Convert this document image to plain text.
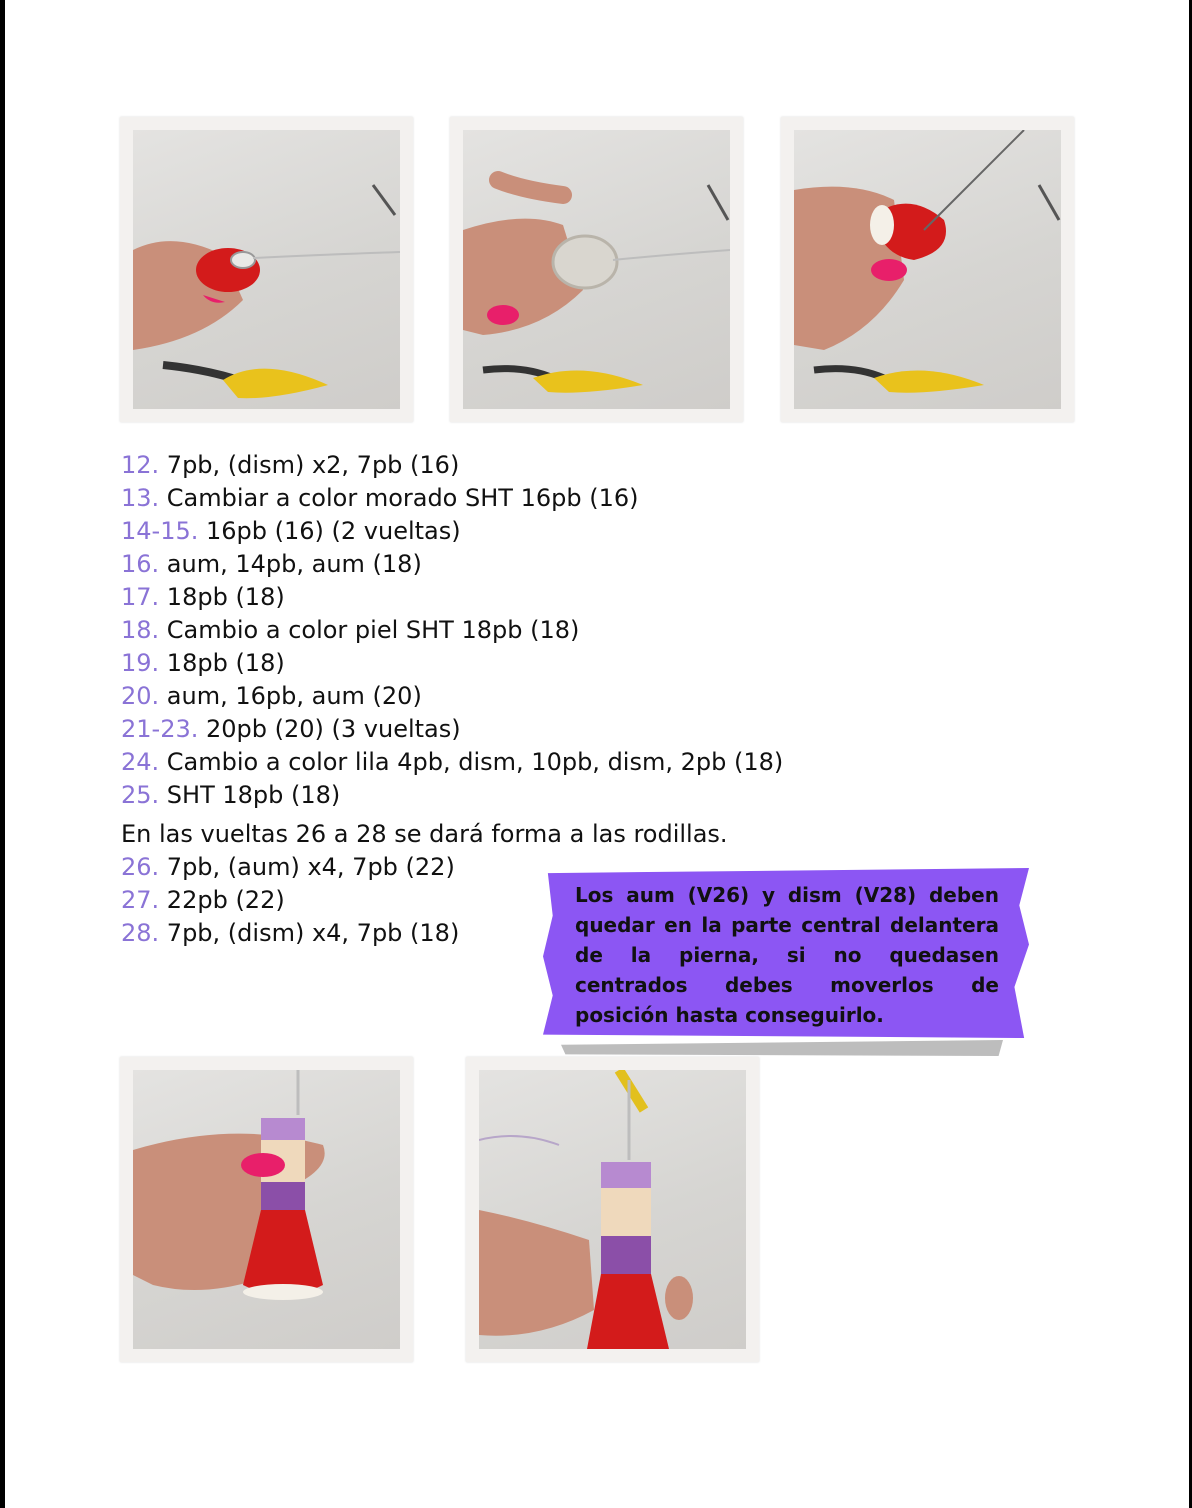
12. 7pb, (dism) x2, 7pb (16)
13. Cambiar a color morado SHT 16pb (16)
14-15. 16pb (16) (2 vueltas)
16. aum, 14pb, aum (18)
17. 18pb (18)
18. Cambio a color piel SHT 18pb (18)
19. 18pb (18)
20. aum, 16pb, aum (20)
21-23. 20pb (20) (3 vueltas)
24. Cambio a color lila 4pb, dism, 10pb, dism, 2pb (18)
25. SHT 18pb (18)
En las vueltas 26 a 28 se dará forma a las rodillas.
26. 7pb, (aum) x4, 7pb (22)
27. 22pb (22)
28. 7pb, (dism) x4, 7pb (18)
Los aum (V26) y dism (V28) deben quedar en la parte central delantera de la pierna, si no quedasen centrados debes moverlos de posición hasta conseguirlo.
